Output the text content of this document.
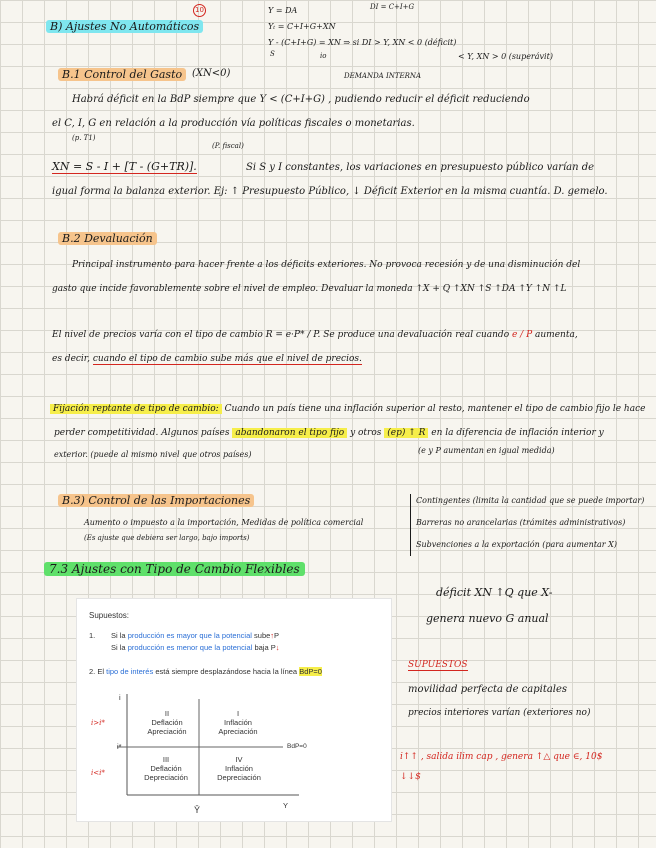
B) Ajustes No Automáticos
10	Y = DA	DI = C+I+G
Yₜ = C+I+G+XN
Y - (C+I+G) = XN ⇒ si DI > Y, XN < 0 (déficit)
S	io	< Y, XN > 0 (superávit)
B.1 Control del Gasto (XN<0)	DEMANDA INTERNA
Habrá déficit en la BdP siempre que Y < (C+I+G) , pudiendo reducir el déficit reduciendo
el C, I, G en relación a la producción vía políticas fiscales o monetarias.
(p. T1)
(P. fiscal)
XN = S - I + [T - (G+TR)].	Si S y I constantes, los variaciones en presupuesto público varían de
igual forma la balanza exterior. Ej: ↑ Presupuesto Público, ↓ Déficit Exterior en la misma cuantía. D. gemelo.
B.2 Devaluación
Principal instrumento para hacer frente a los déficits exteriores. No provoca recesión y de una disminución del
gasto que incide favorablemente sobre el nivel de empleo. Devaluar la moneda ↑X + Q ↑XN ↑S ↑DA ↑Y ↑N ↑L
El nivel de precios varía con el tipo de cambio R = e·P* / P. Se produce una devaluación real cuando e / P aumenta,
es decir, cuando el tipo de cambio sube más que el nivel de precios.
Fijación reptante de tipo de cambio: Cuando un país tiene una inflación superior al resto, mantener el tipo de cambio fijo le hace
perder competitividad. Algunos países abandonaron el tipo fijo y otros (ep) ↑ R en la diferencia de inflación interior y
exterior. (puede al mismo nivel que otros países)	(e y P aumentan en igual medida)
B.3) Control de las Importaciones
Aumento o impuesto a la importación, Medidas de política comercial
(Es ajuste que debiera ser largo, bajo imports)
Contingentes (limita la cantidad que se puede importar)
Barreras no arancelarias (trámites administrativos)
Subvenciones a la exportación (para aumentar X)
7.3 Ajustes con Tipo de Cambio Flexibles
déficit XN ↑Q que X-
genera nuevo G anual
SUPUESTOS
movilidad perfecta de capitales
precios interiores varían (exteriores no)
i↑↑ , salida ilim cap , genera ↑△ que ∈, 10$
↓↓$
Supuestos:
1. Si la producción es mayor que la potencial sube↑P
Si la producción es menor que la potencial baja P↓
2. El tipo de interés está siempre desplazándose hacia la línea BdP=0
i
i*
Y
Ȳ
BdP=0
II
Deflación
Apreciación
I
Inflación
Apreciación
III
Deflación
Depreciación
IV
Inflación
Depreciación
i>i*
i<i*
